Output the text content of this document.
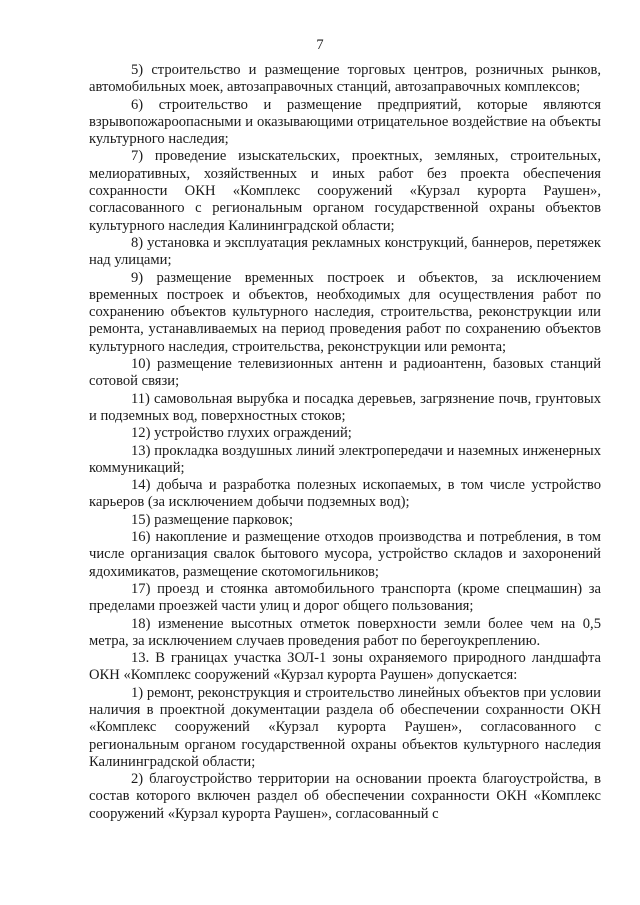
7

5) строительство и размещение торговых центров, розничных рынков, автомобильных моек, автозаправочных станций, автозаправочных комплексов;

6) строительство и размещение предприятий, которые являются взрывопожароопасными и оказывающими отрицательное воздействие на объекты культурного наследия;

7) проведение изыскательских, проектных, земляных, строительных, мелиоративных, хозяйственных и иных работ без проекта обеспечения сохранности ОКН «Комплекс сооружений «Курзал курорта Раушен», согласованного с региональным органом государственной охраны объектов культурного наследия Калининградской области;

8) установка и эксплуатация рекламных конструкций, баннеров, перетяжек над улицами;

9) размещение временных построек и объектов, за исключением временных построек и объектов, необходимых для осуществления работ по сохранению объектов культурного наследия, строительства, реконструкции или ремонта, устанавливаемых на период проведения работ по сохранению объектов культурного наследия, строительства, реконструкции или ремонта;

10) размещение телевизионных антенн и радиоантенн, базовых станций сотовой связи;

11) самовольная вырубка и посадка деревьев, загрязнение почв, грунтовых и подземных вод, поверхностных стоков;

12) устройство глухих ограждений;

13) прокладка воздушных линий электропередачи и наземных инженерных коммуникаций;

14) добыча и разработка полезных ископаемых, в том числе устройство карьеров (за исключением добычи подземных вод);

15) размещение парковок;

16) накопление и размещение отходов производства и потребления, в том числе организация свалок бытового мусора, устройство складов и захоронений ядохимикатов, размещение скотомогильников;

17) проезд и стоянка автомобильного транспорта (кроме спецмашин) за пределами проезжей части улиц и дорог общего пользования;

18) изменение высотных отметок поверхности земли более чем на 0,5 метра, за исключением случаев проведения работ по берегоукреплению.

13. В границах участка ЗОЛ-1 зоны охраняемого природного ландшафта ОКН «Комплекс сооружений «Курзал курорта Раушен» допускается:

1) ремонт, реконструкция и строительство линейных объектов при условии наличия в проектной документации раздела об обеспечении сохранности ОКН «Комплекс сооружений «Курзал курорта Раушен», согласованного с региональным органом государственной охраны объектов культурного наследия Калининградской области;

2) благоустройство территории на основании проекта благоустройства, в состав которого включен раздел об обеспечении сохранности ОКН «Комплекс сооружений «Курзал курорта Раушен», согласованный с
